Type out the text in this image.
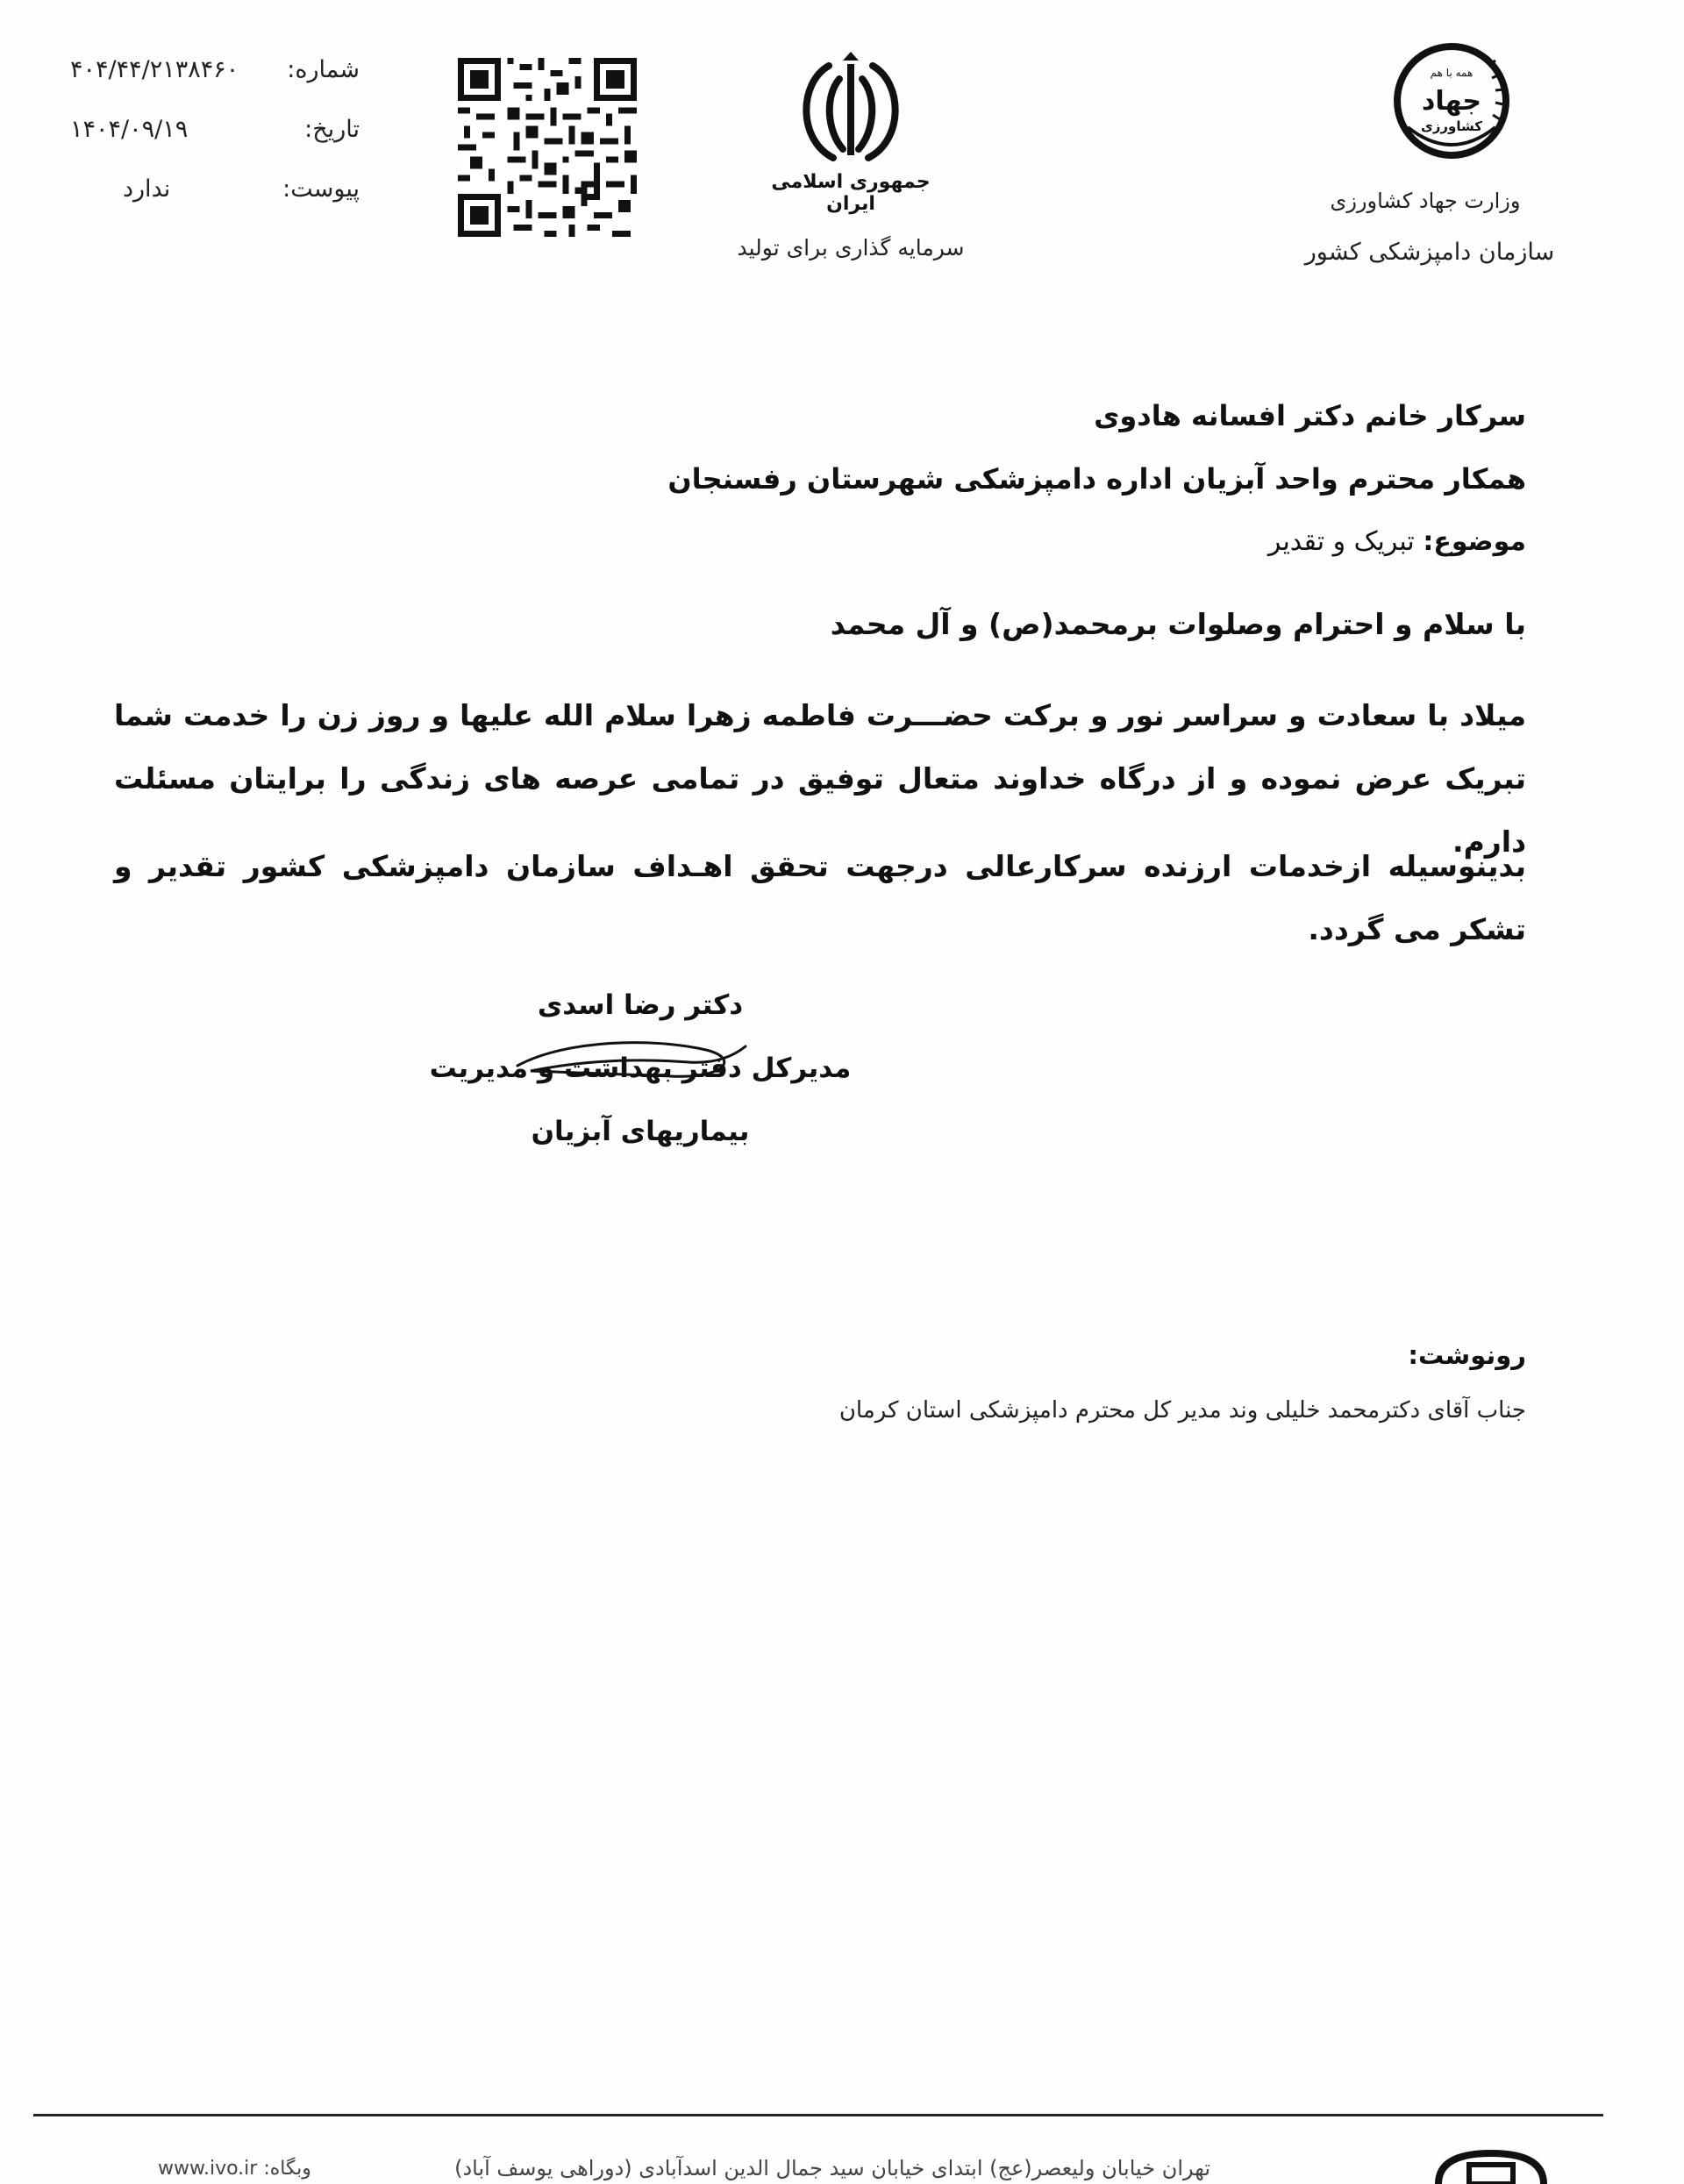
شماره:
۴۰۴/۴۴/۲۱۳۸۴۶۰
تاریخ:
۱۴۰۴/۰۹/۱۹
پیوست:
ندارد	جمهوری اسلامی ایران
سرمایه گذاری برای تولید
همه با هم
جهاد
کشاورزی
وزارت جهاد کشاورزی
سازمان دامپزشکی کشور
سرکار خانم دکتر افسانه هادوی
همکار محترم واحد آبزیان اداره دامپزشکی شهرستان رفسنجان
موضوع: تبریک و تقدیر
با سلام و احترام وصلوات برمحمد(ص) و آل محمد
میلاد با سعادت و سراسر نور و برکت حضـــرت فاطمه زهرا سلام الله علیها و روز زن را خدمت شما تبریک عرض نموده و از درگاه خداوند متعال توفیق در تمامی عرصه های زندگی را برایتان مسئلت دارم.
بدینوسیله ازخدمات ارزنده سرکارعالی درجهت تحقق اهـداف سازمان دامپزشکی کشور تقدیر و تشکر می گردد.
دکتر رضا اسدی
مدیرکل دفتر بهداشت و مدیریت
بیماریهای آبزیان
رونوشت:
جناب آقای دکترمحمد خلیلی وند مدیر کل محترم دامپزشکی استان کرمان
تهران خیابان ولیعصر(عج) ابتدای خیابان سید جمال الدین اسدآبادی (دوراهی یوسف آباد)
www.ivo.ir :وبگاه
